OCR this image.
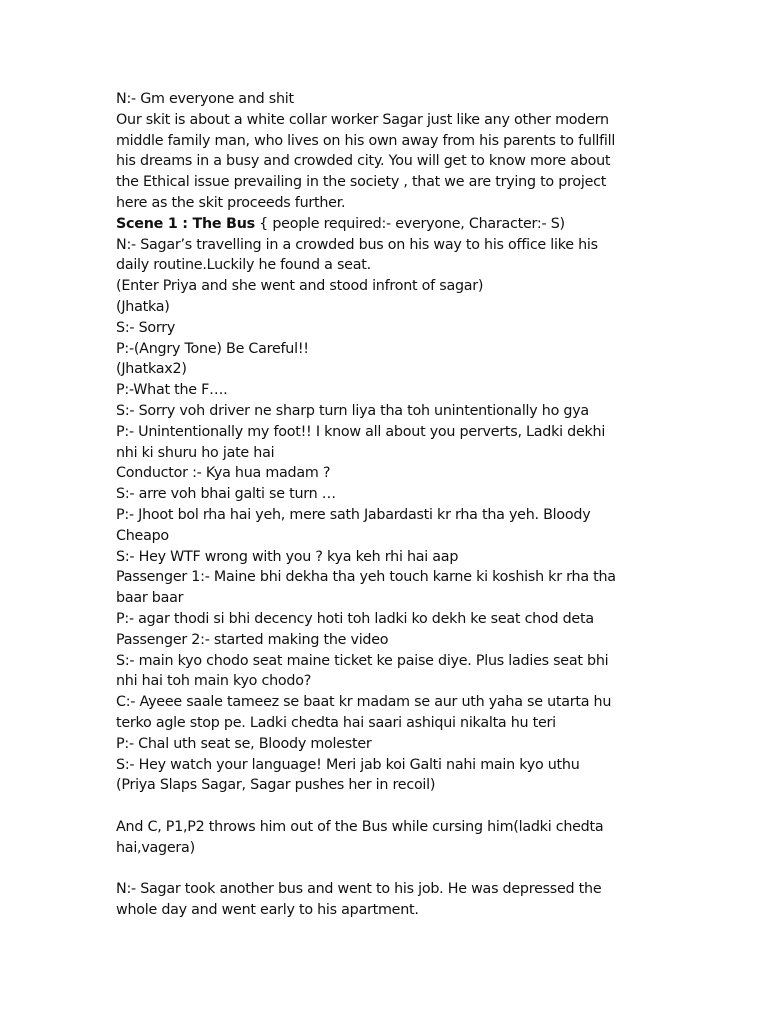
N:- Gm everyone and shit
Our skit is about a white collar worker Sagar just like any other modern
middle family man, who lives on his own away from his parents to fullfill
his dreams in a busy and crowded city. You will get to know more about
the Ethical issue prevailing in the society , that we are trying to project
here as the skit proceeds further.
Scene 1 : The Bus { people required:- everyone, Character:- S)
N:- Sagar’s travelling in a crowded bus on his way to his office like his
daily routine.Luckily he found a seat.
(Enter Priya and she went and stood infront of sagar)
(Jhatka)
S:- Sorry
P:-(Angry Tone) Be Careful!!
(Jhatkax2)
P:-What the F….
S:- Sorry voh driver ne sharp turn liya tha toh unintentionally ho gya
P:- Unintentionally my foot!! I know all about you perverts, Ladki dekhi
nhi ki shuru ho jate hai
Conductor :- Kya hua madam ?
S:- arre voh bhai galti se turn …
P:- Jhoot bol rha hai yeh, mere sath Jabardasti kr rha tha yeh. Bloody
Cheapo
S:- Hey WTF wrong with you ? kya keh rhi hai aap
Passenger 1:- Maine bhi dekha tha yeh touch karne ki koshish kr rha tha
baar baar
P:- agar thodi si bhi decency hoti toh ladki ko dekh ke seat chod deta
Passenger 2:- started making the video
S:- main kyo chodo seat maine ticket ke paise diye. Plus ladies seat bhi
nhi hai toh main kyo chodo?
C:- Ayeee saale tameez se baat kr madam se aur uth yaha se utarta hu
terko agle stop pe. Ladki chedta hai saari ashiqui nikalta hu teri
P:- Chal uth seat se, Bloody molester
S:- Hey watch your language! Meri jab koi Galti nahi main kyo uthu
(Priya Slaps Sagar, Sagar pushes her in recoil)
And C, P1,P2 throws him out of the Bus while cursing him(ladki chedta
hai,vagera)
N:- Sagar took another bus and went to his job. He was depressed the
whole day and went early to his apartment.
